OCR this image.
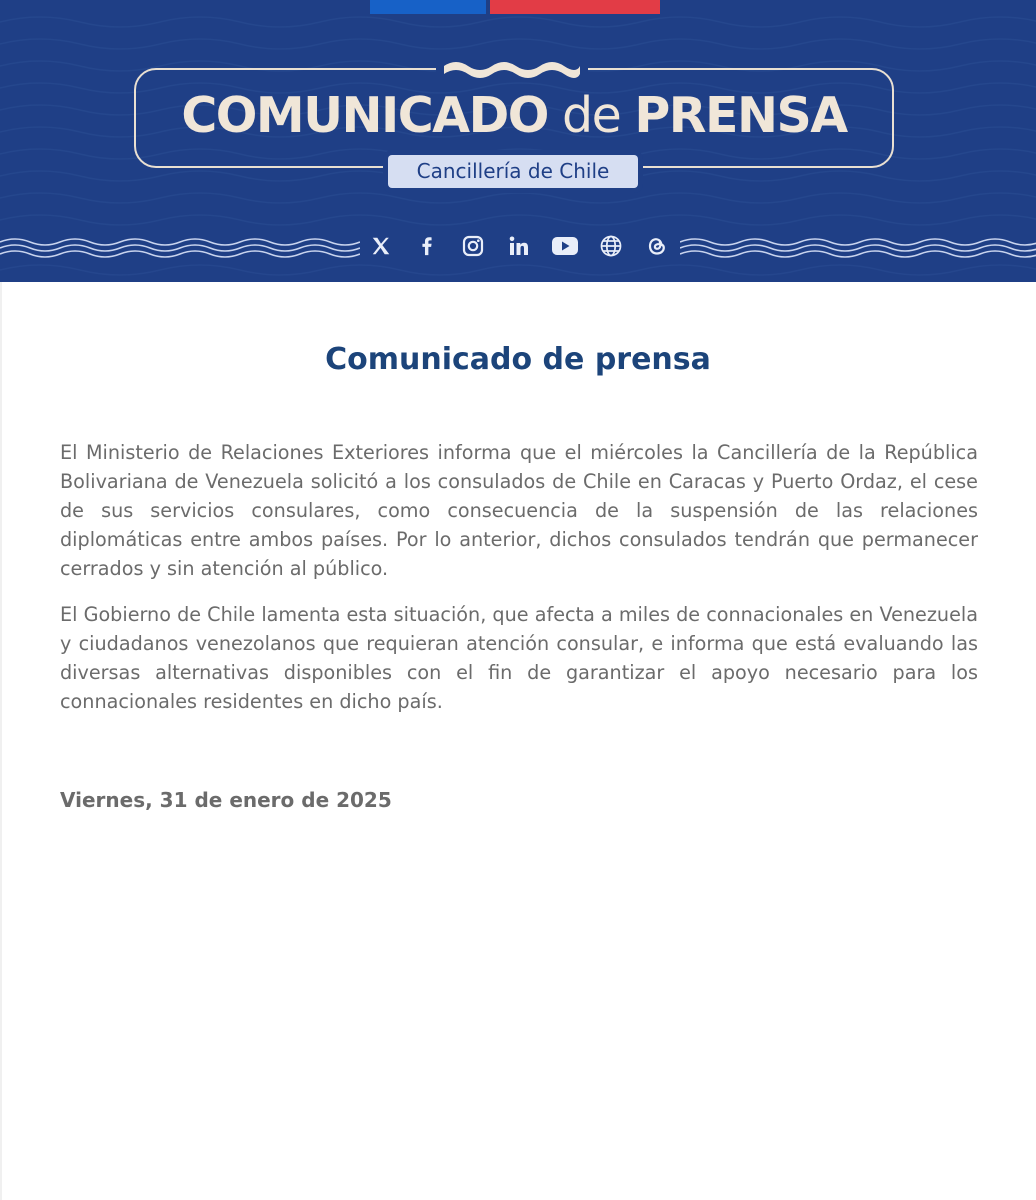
COMUNICADO de PRENSA
Cancillería de Chile
Comunicado de prensa

El Ministerio de Relaciones Exteriores informa que el miércoles la Cancillería de la República Bolivariana de Venezuela solicitó a los consulados de Chile en Caracas y Puerto Ordaz, el cese de sus servicios consulares, como consecuencia de la suspensión de las relaciones diplomáticas entre ambos países. Por lo anterior, dichos consulados tendrán que permanecer cerrados y sin atención al público.

El Gobierno de Chile lamenta esta situación, que afecta a miles de connacionales en Venezuela y ciudadanos venezolanos que requieran atención consular, e informa que está evaluando las diversas alternativas disponibles con el fin de garantizar el apoyo necesario para los connacionales residentes en dicho país.

Viernes, 31 de enero de 2025
